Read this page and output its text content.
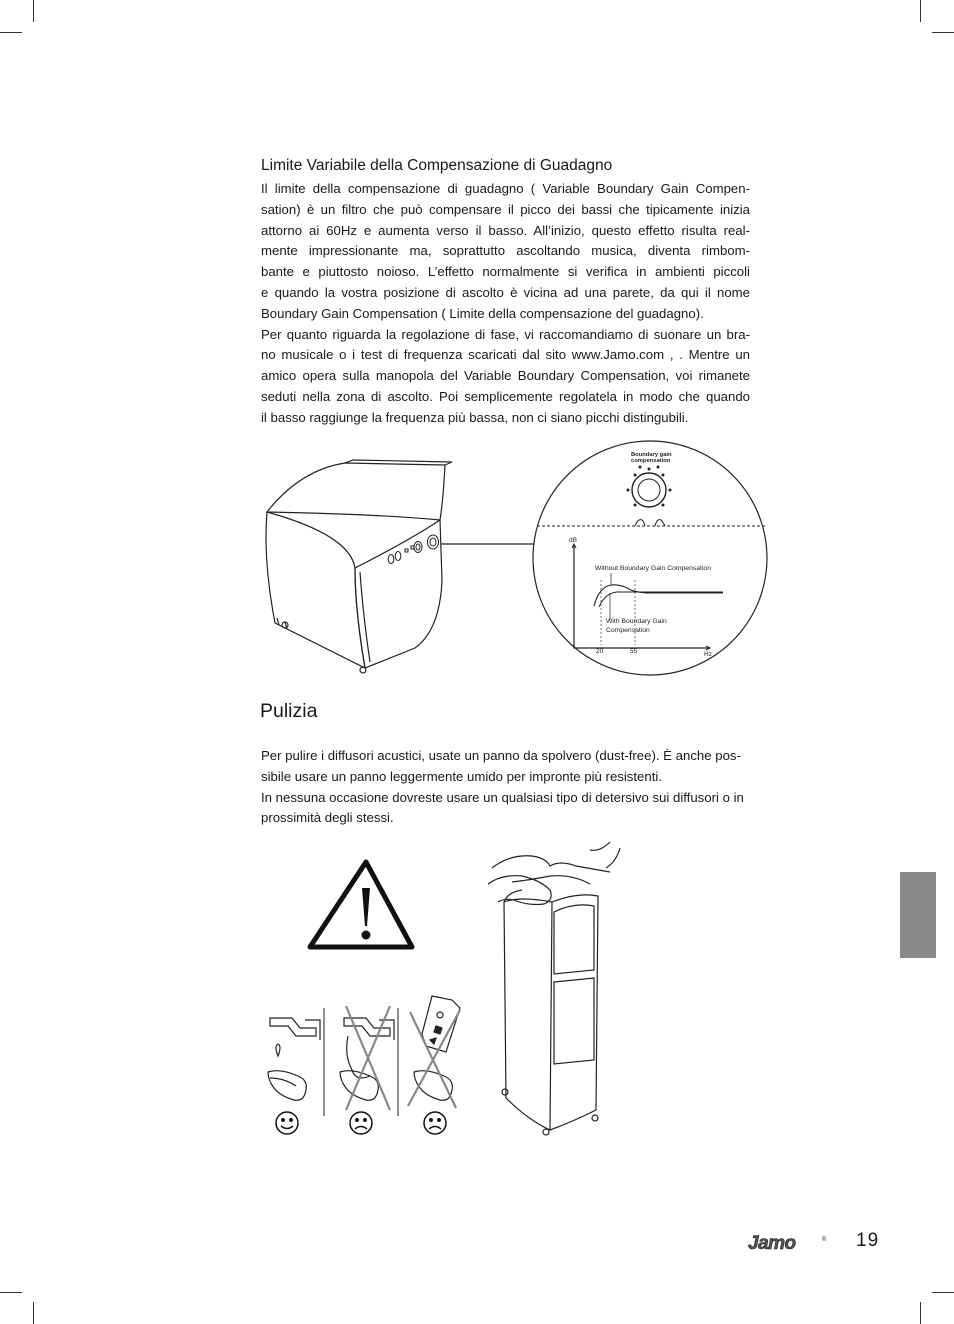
Limite Variabile della Compensazione di Guadagno

Il limite della compensazione di guadagno ( Variable Boundary Gain Compen-

sation) è un filtro che può compensare il picco dei bassi che tipicamente inizia

attorno ai 60Hz e aumenta verso il basso. All’inizio, questo effetto risulta real-

mente impressionante ma, soprattutto ascoltando musica, diventa rimbom-

bante e piuttosto noioso. L’effetto normalmente si verifica in ambienti piccoli

e quando la vostra posizione di ascolto è vicina ad una parete, da qui il nome

Boundary Gain Compensation ( Limite della compensazione del guadagno).

Per quanto riguarda la regolazione di fase, vi raccomandiamo di suonare un bra-

no musicale o i test di frequenza scaricati dal sito www.Jamo.com , . Mentre un

amico opera sulla manopola del Variable Boundary Compensation, voi rimanete

seduti nella zona di ascolto. Poi semplicemente regolatela in modo che quando

il basso raggiunge la frequenza più bassa, non ci siano picchi distingubili.

Boundary gain
compensation
dB
Hz
20	55
Without Boundary Gain Compensation
With Boundary Gain
Compensation
Pulizia

Per pulire i diffusori acustici, usate un panno da spolvero (dust-free). È anche pos-

sibile usare un panno leggermente umido per impronte più resistenti.

In nessuna occasione dovreste usare un qualsiasi tipo di detersivo sui diffusori o in

prossimità degli stessi.

Jamo	® 19
